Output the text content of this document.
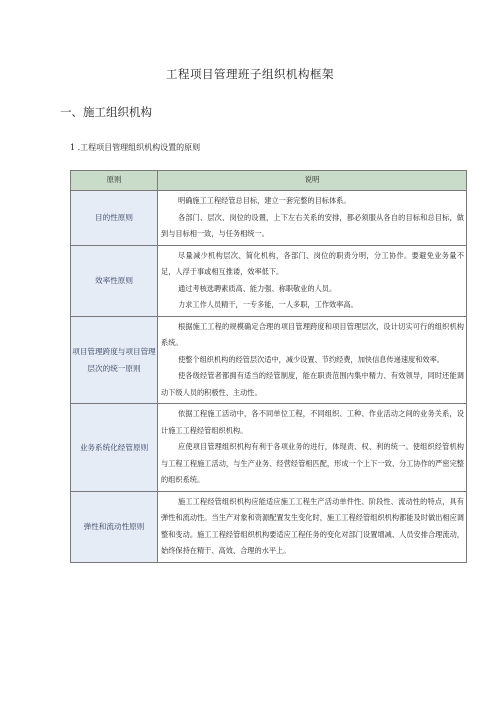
工程项目管理班子组织机构框架
一、施工组织机构
1 .工程项目管理组织机构设置的原则
原则	说明
目的性原则	明确施工工程经管总目标，建立一套完整的目标体系。
各部门、层次、岗位的设置，上下左右关系的安排，都必须服从各自的目标和总目标，做到与目标相一致，与任务相统一。

效率性原则	尽量减少机构层次、简化机构，各部门、岗位的职责分明，分工协作。要避免业务量不足，人浮于事或相互推诿，效率低下。
通过考核选聘素质高、能力强、称职敬业的人员。
力求工作人员精干，一专多能，一人多职，工作效率高。

项目管理跨度与项目管理层次的统一原则	根据施工工程的规模确定合理的项目管理跨度和项目管理层次，设计切实可行的组织机构系统。
使整个组织机构的经管层次适中，减少设置、节约经费，加快信息传递速度和效率。
使各级经管者都拥有适当的经管制度，能在职责范围内集中精力、有效领导，同时还能调动下级人员的积极性、主动性。

业务系统化经管原则	依据工程施工活动中，各不同单位工程，不同组织、工种、作业活动之间的业务关系，设计施工工程经管组织机构。
应使项目管理组织机构有利于各项业务的进行，体现责、权、利的统一。使组织经管机构与工程工程施工活动，与生产业务、经营经管相匹配，形成一个上下一致、分工协作的严密完整的组织系统。

弹性和流动性原则	施工工程经管组织机构应能适应施工工程生产活动单件性、阶段性、流动性的特点，具有弹性和流动性。当生产对象和资源配置发生变化时，施工工程经管组织机构都能及时做出相应调整和变动。施工工程经管组织机构要适应工程任务的变化对部门设置增减、人员安排合理流动，始终保持在精干、高效、合理的水平上。
